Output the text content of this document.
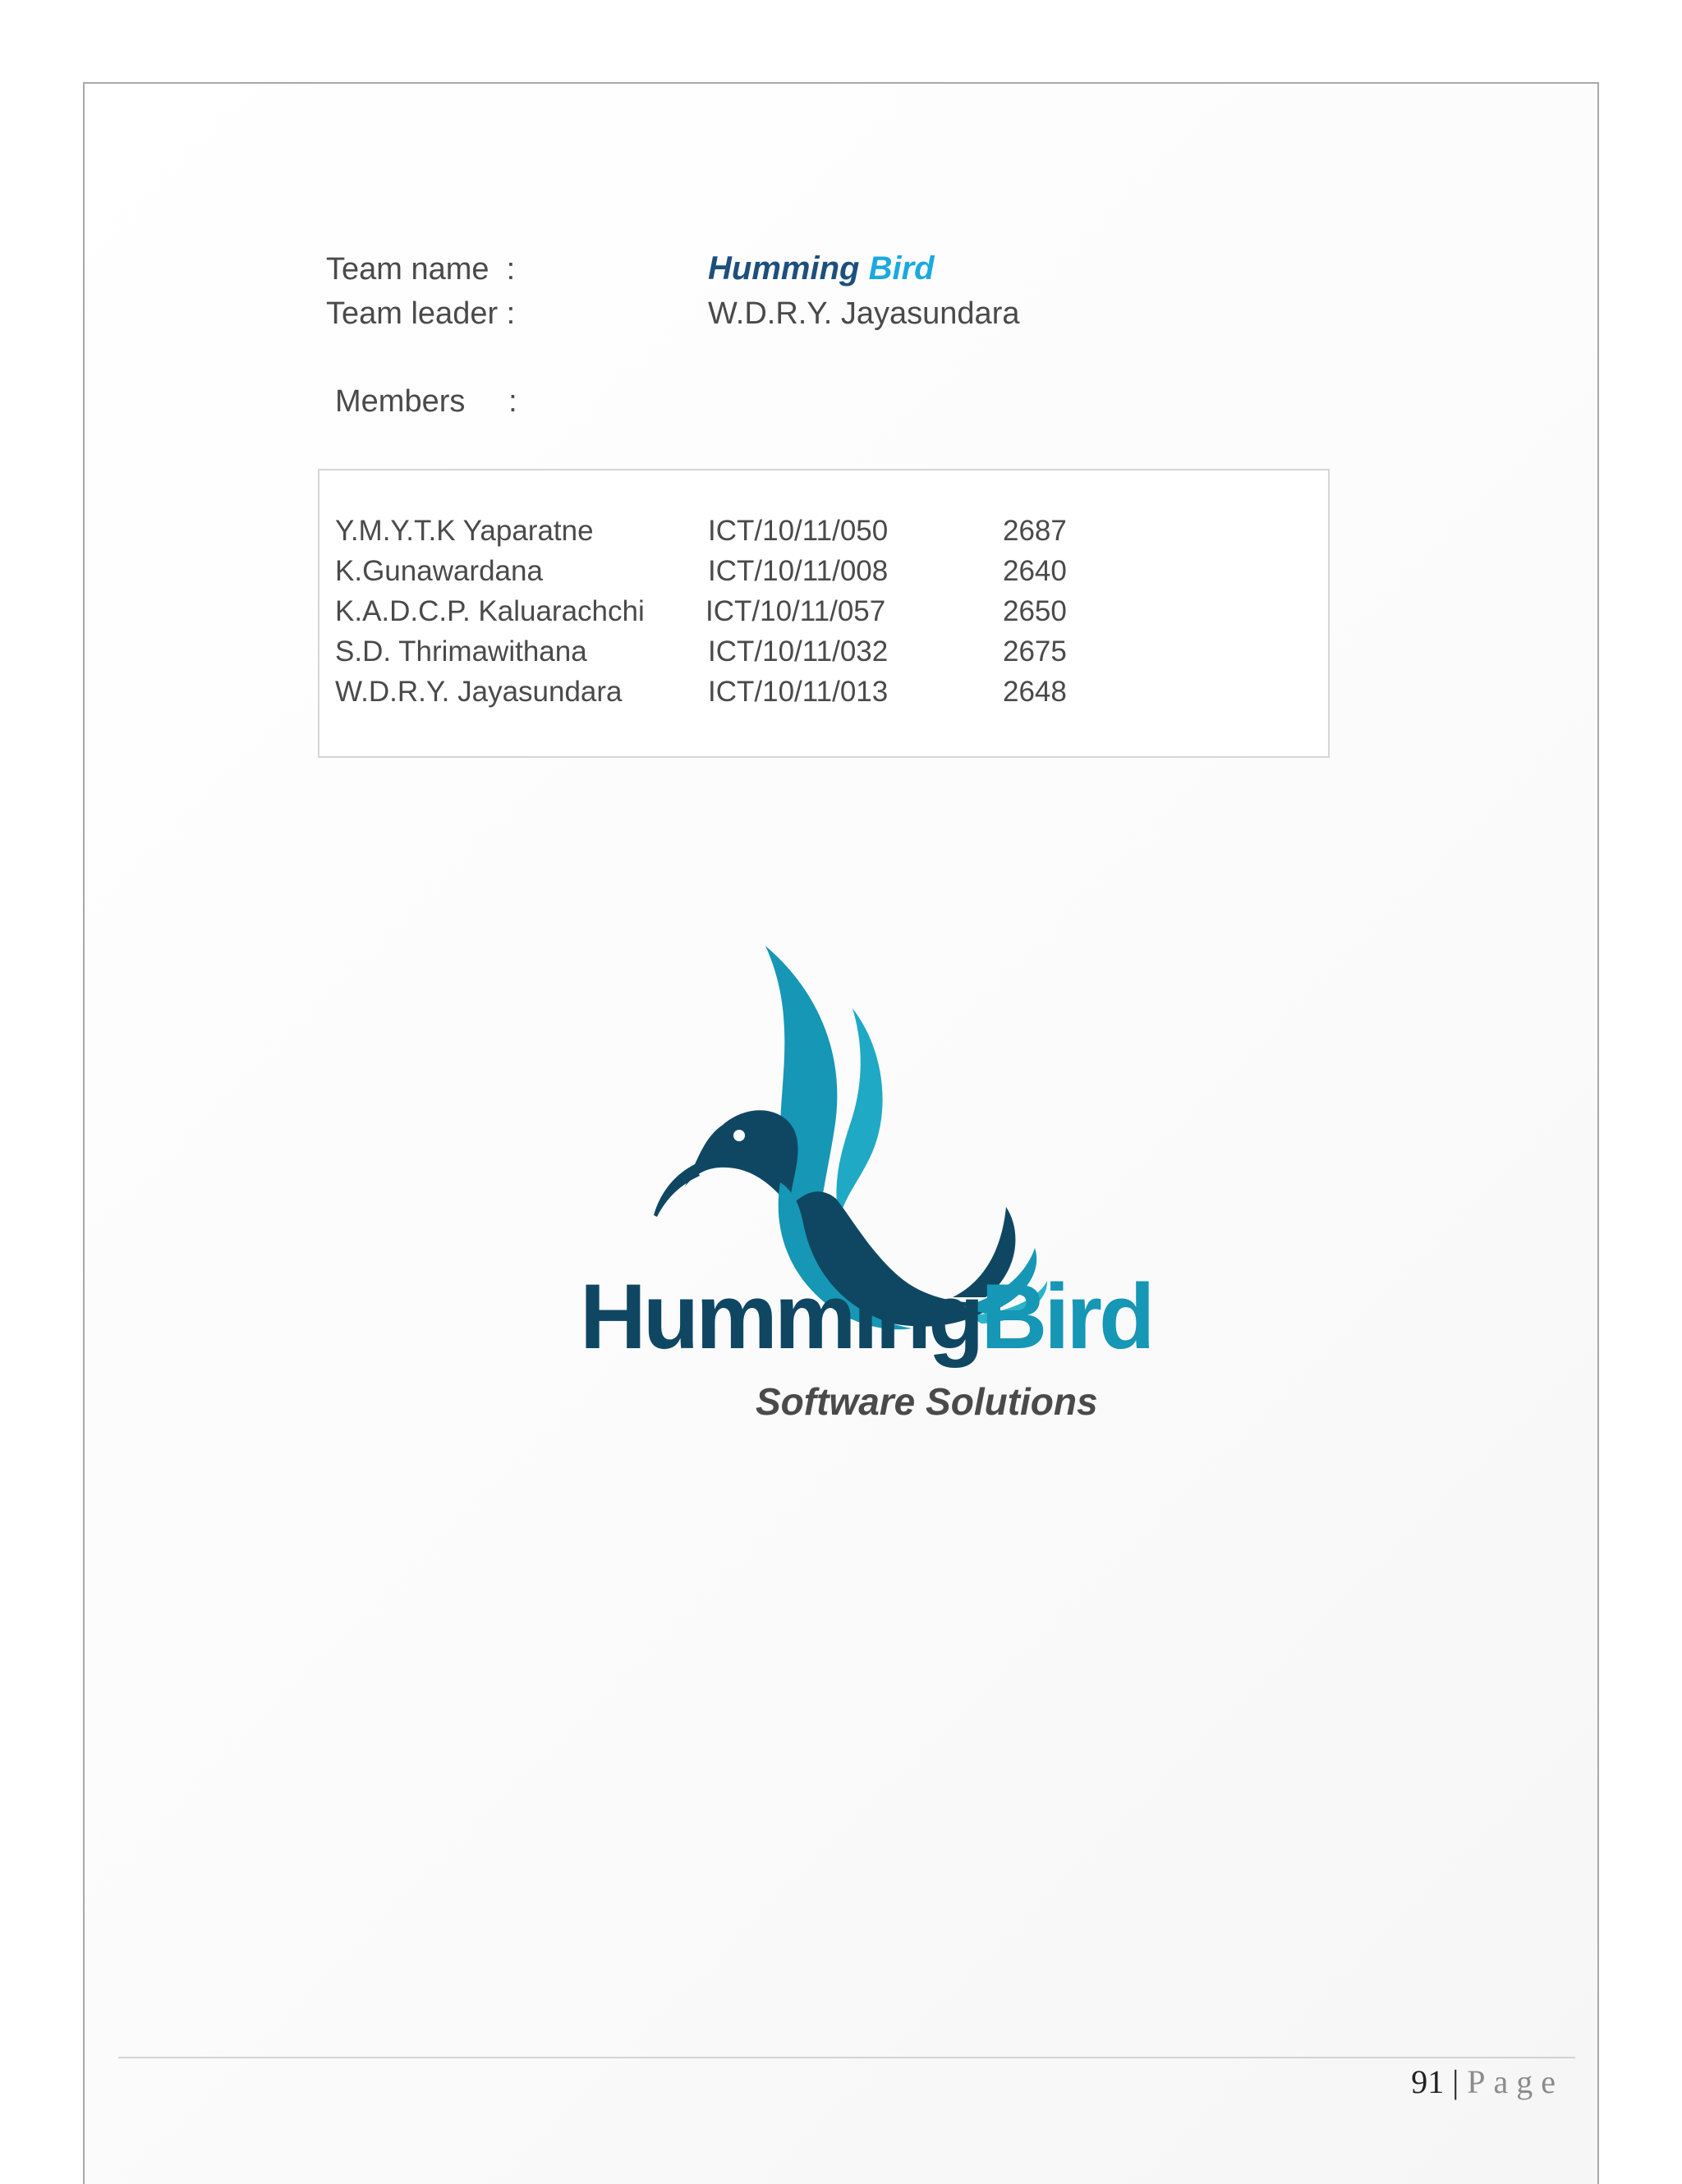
Team name  :	Humming Bird
Team leader :	W.D.R.Y. Jayasundara
Members     :
Y.M.Y.T.K Yaparatne	ICT/10/11/050	2687
K.Gunawardana	ICT/10/11/008	2640
K.A.D.C.P. Kaluarachchi ICT/10/11/057	2650
S.D. Thrimawithana	ICT/10/11/032	2675
W.D.R.Y. Jayasundara	ICT/10/11/013	2648
HummingBird
Software Solutions
91 | Page
